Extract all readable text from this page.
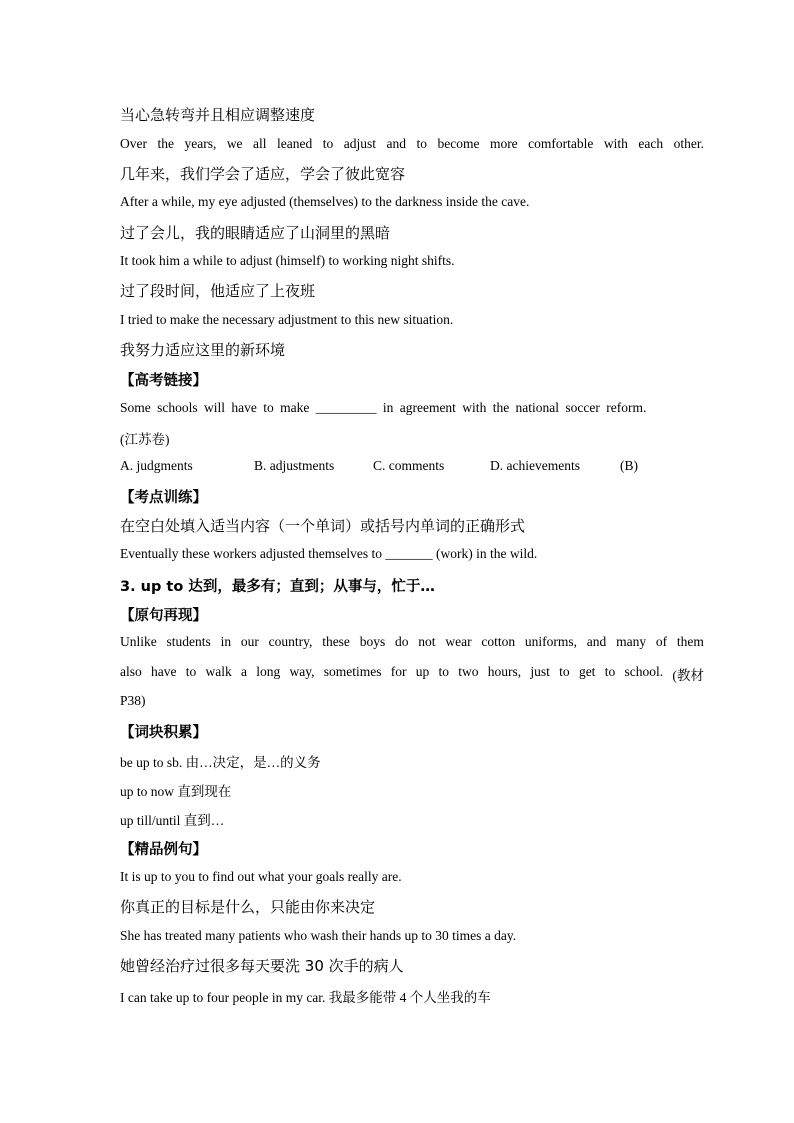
当心急转弯并且相应调整速度
Over the years, we all leaned to adjust and to become more comfortable with each other.
几年来，我们学会了适应，学会了彼此宽容
After a while, my eye adjusted (themselves) to the darkness inside the cave.
过了会儿，我的眼睛适应了山洞里的黑暗
It took him a while to adjust (himself) to working night shifts.
过了段时间，他适应了上夜班
I tried to make the necessary adjustment to this new situation.
我努力适应这里的新环境
【高考链接】
Some schools will have to make _________ in agreement with the national soccer reform.
(江苏卷)
A. judgments	B. adjustments	C. comments	D. achievements	(B)
【考点训练】
在空白处填入适当内容（一个单词）或括号内单词的正确形式
Eventually these workers adjusted themselves to _______ (work) in the wild.
3. up to 达到，最多有；直到；从事与，忙于…
【原句再现】
Unlike students in our country, these boys do not wear cotton uniforms, and many of them
also have to walk a long way, sometimes for up to two hours, just to get to school. (教材
P38)
【词块积累】
be up to sb. 由…决定，是…的义务
up to now 直到现在
up till/until 直到…
【精品例句】
It is up to you to find out what your goals really are.
你真正的目标是什么，只能由你来决定
She has treated many patients who wash their hands up to 30 times a day.
她曾经治疗过很多每天要洗 30 次手的病人
I can take up to four people in my car. 我最多能带 4 个人坐我的车
